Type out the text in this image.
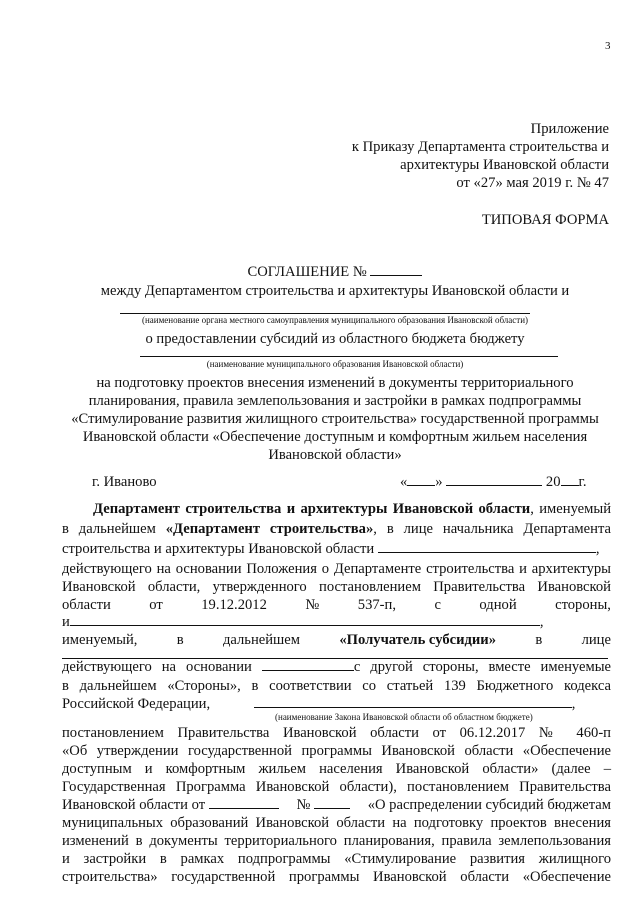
3
Приложение
к Приказу Департамента строительства и
архитектуры Ивановской области
от «27» мая 2019 г. № 47
ТИПОВАЯ ФОРМА
СОГЛАШЕНИЕ №
между Департаментом строительства и архитектуры Ивановской области и
(наименование органа местного самоуправления муниципального образования Ивановской области)
о предоставлении субсидий из областного бюджета бюджету
(наименование муниципального образования Ивановской области)
на подготовку проектов внесения изменений в документы территориального
планирования, правила землепользования и застройки в рамках подпрограммы
«Стимулирование развития жилищного строительства» государственной программы
Ивановской области «Обеспечение доступным и комфортным жильем населения
Ивановской области»
г. Иваново	« »	20 г.
Департамент строительства и архитектуры Ивановской области, именуемый
в дальнейшем «Департамент строительства», в лице начальника Департамента
строительства и архитектуры Ивановской области	,
действующего на основании Положения о Департаменте строительства и архитектуры
Ивановской области, утвержденного постановлением Правительства Ивановской
области	от	19.12.2012	№	537-п,	с	одной	стороны,
и	,
именуемый,	в	дальнейшем	«Получатель субсидии»	в	лице
действующего на основании	с другой стороны, вместе именуемые
в дальнейшем «Стороны», в соответствии со статьей 139 Бюджетного кодекса
Российской Федерации,	,
(наименование Закона Ивановской области об областном бюджете)
постановлением Правительства Ивановской области от 06.12.2017 № 460-п
«Об утверждении государственной программы Ивановской области «Обеспечение
доступным и комфортным жильем населения Ивановской области» (далее –
Государственная Программа Ивановской области), постановлением Правительства
Ивановской области от	№	«О распределении субсидий бюджетам
муниципальных образований Ивановской области на подготовку проектов внесения
изменений в документы территориального планирования, правила землепользования
и застройки в рамках подпрограммы «Стимулирование развития жилищного
строительства» государственной программы Ивановской области «Обеспечение
